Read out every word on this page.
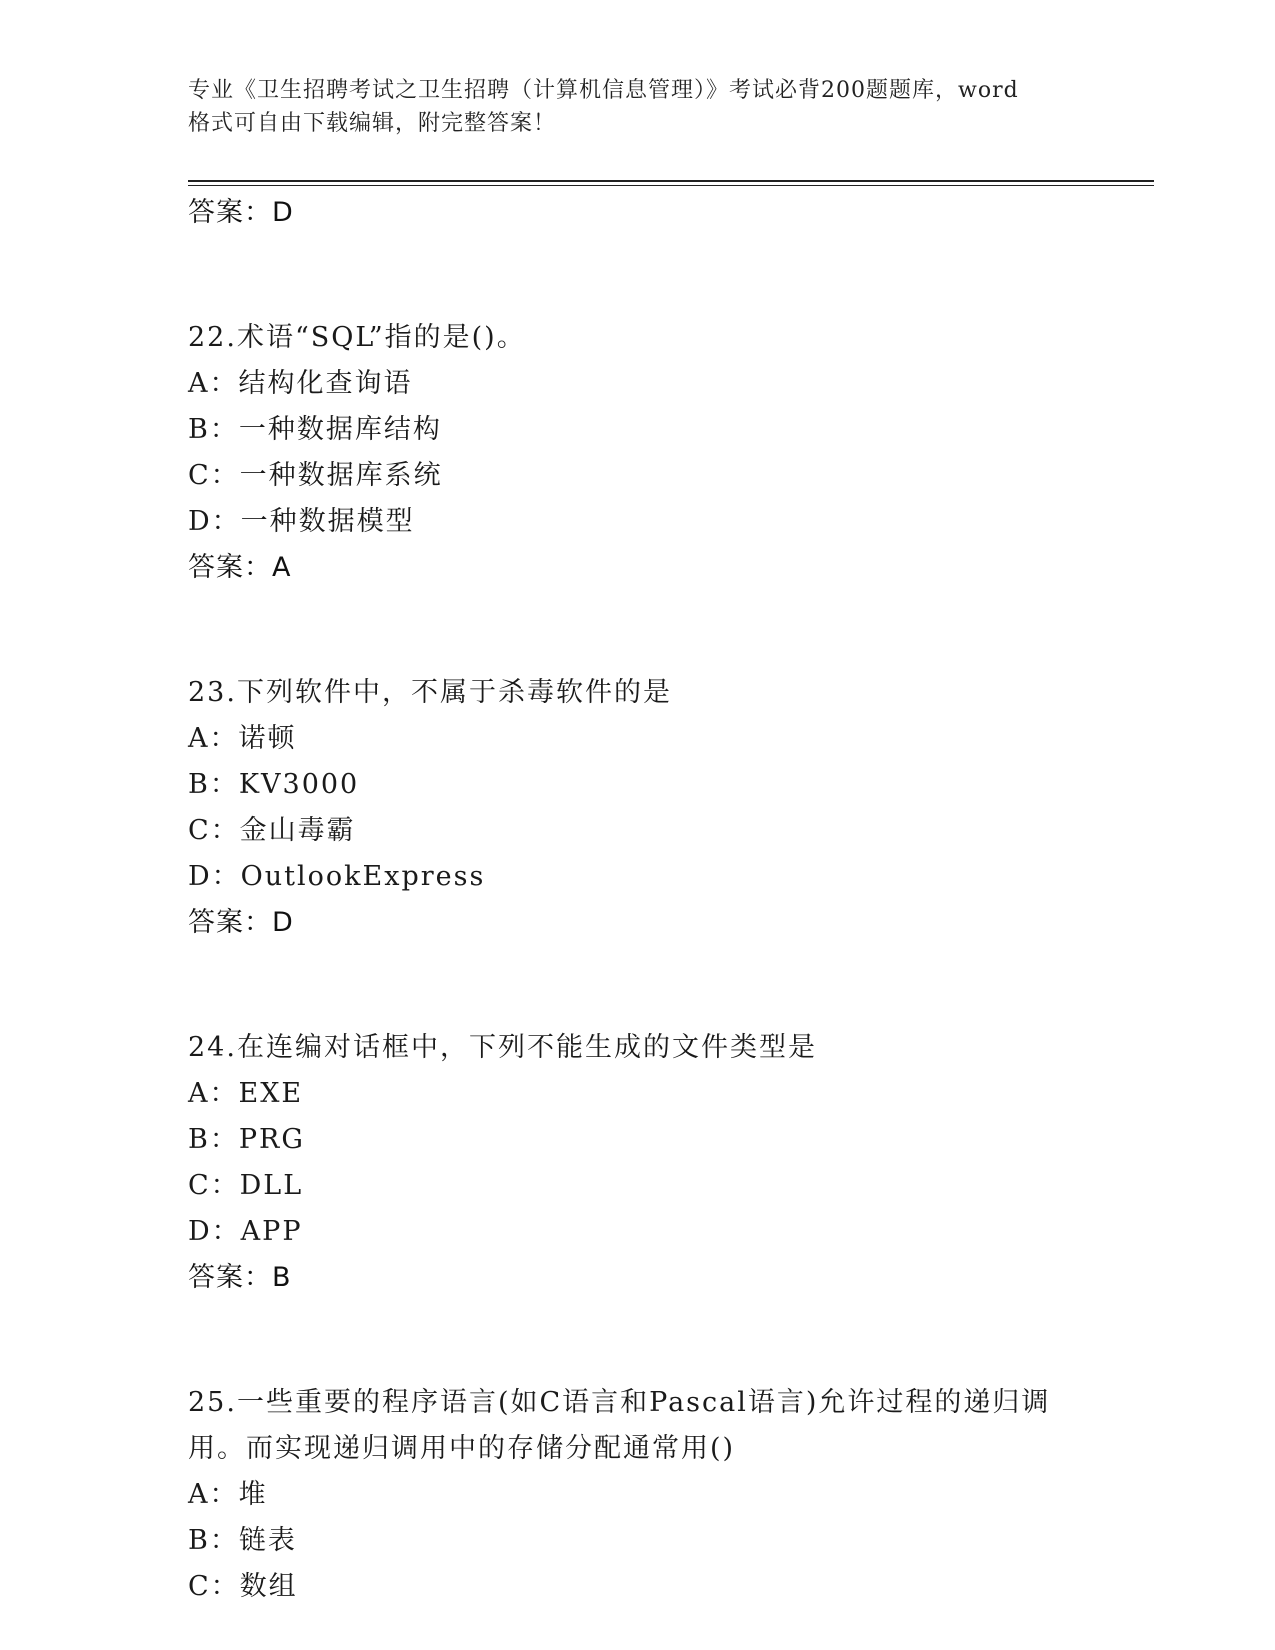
专业《卫生招聘考试之卫生招聘（计算机信息管理）》考试必背200题题库，word
格式可自由下载编辑，附完整答案！
答案：D
22.术语“SQL”指的是()。
A：结构化查询语
B：一种数据库结构
C：一种数据库系统
D：一种数据模型
答案：A
23.下列软件中，不属于杀毒软件的是
A：诺顿
B：KV3000
C：金山毒霸
D：OutlookExpress
答案：D
24.在连编对话框中，下列不能生成的文件类型是
A：EXE
B：PRG
C：DLL
D：APP
答案：B
25.一些重要的程序语言(如C语言和Pascal语言)允许过程的递归调
用。而实现递归调用中的存储分配通常用()
A：堆
B：链表
C：数组
